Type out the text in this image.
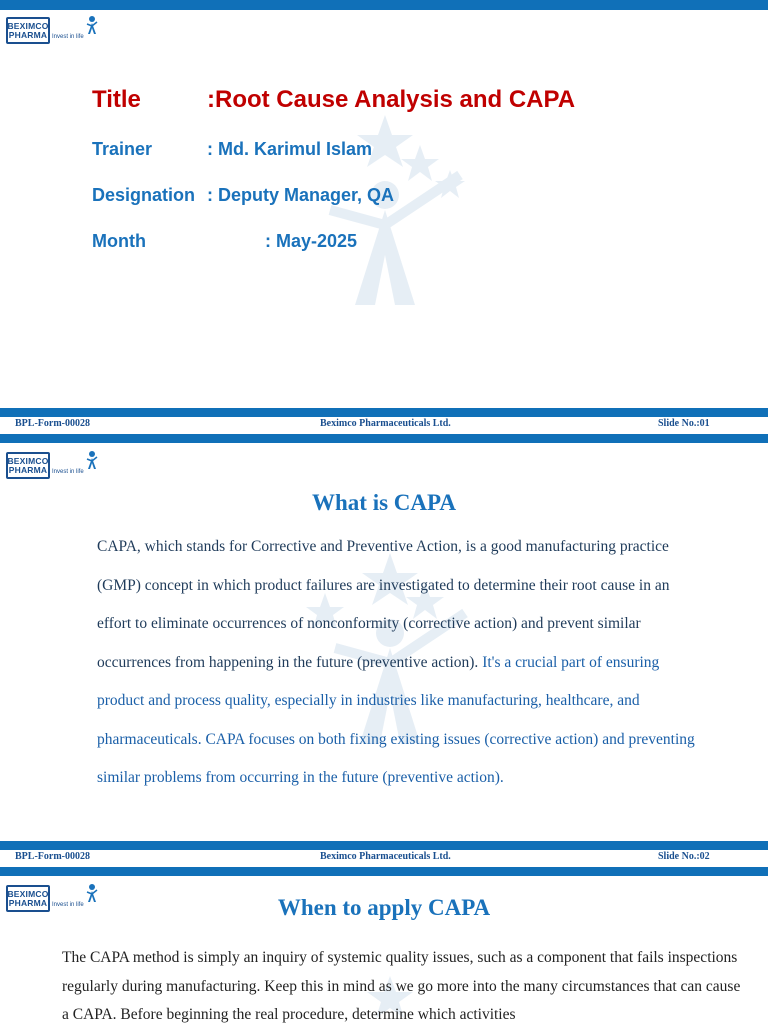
BEXIMCO
PHARMA Invest in life
Title	:Root Cause Analysis and CAPA
Trainer	: Md. Karimul Islam
Designation : Deputy Manager, QA
Month	: May-2025
BPL-Form-00028	Beximco Pharmaceuticals Ltd.	Slide No.:01
BEXIMCO
PHARMA Invest in life
What is CAPA
CAPA, which stands for Corrective and Preventive Action, is a good manufacturing practice (GMP) concept in which product failures are investigated to determine their root cause in an effort to eliminate occurrences of nonconformity (corrective action) and prevent similar occurrences from happening in the future (preventive action). It's a crucial part of ensuring product and process quality, especially in industries like manufacturing, healthcare, and pharmaceuticals. CAPA focuses on both fixing existing issues (corrective action) and preventing similar problems from occurring in the future (preventive action).
BPL-Form-00028	Beximco Pharmaceuticals Ltd.	Slide No.:02
BEXIMCO
PHARMA Invest in life	When to apply CAPA
The CAPA method is simply an inquiry of systemic quality issues, such as a component that fails inspections regularly during manufacturing. Keep this in mind as we go more into the many circumstances that can cause a CAPA. Before beginning the real procedure, determine which activities
